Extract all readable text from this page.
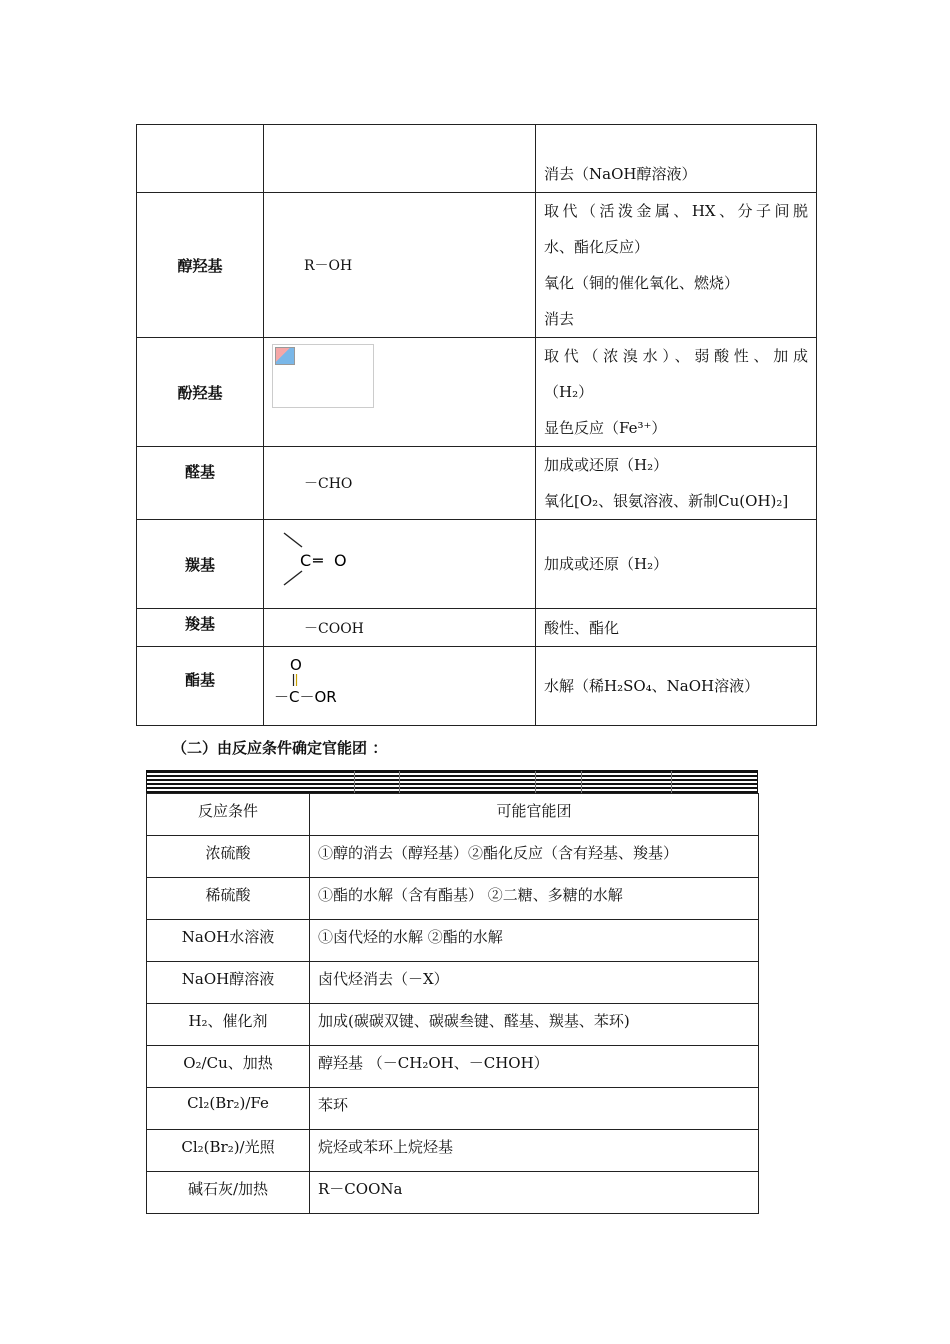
		消去（NaOH醇溶液）

醇羟基	R－OH	取代（活泼金属、HX、分子间脱

水、酯化反应）

氧化（铜的催化氧化、燃烧）

消去

酚羟基		取代（浓溴水）、弱酸性、加成

（H₂）

显色反应（Fe³⁺）

醛基	－CHO	加成或还原（H₂）

氧化[O₂、银氨溶液、新制Cu(OH)₂]

羰基	C ═ O	加成或还原（H₂）

羧基	－COOH	酸性、酯化

酯基	O
－C－OR	水解（稀H₂SO₄、NaOH溶液）

（二）由反应条件确定官能团 ：

反应条件	可能官能团
浓硫酸	①醇的消去（醇羟基）②酯化反应（含有羟基、羧基）
稀硫酸	①酯的水解（含有酯基） ②二糖、多糖的水解
NaOH水溶液	①卤代烃的水解 ②酯的水解
NaOH醇溶液	卤代烃消去（－X）
H₂、催化剂	加成(碳碳双键、碳碳叁键、醛基、羰基、苯环)
O₂/Cu、加热	醇羟基 （－CH₂OH、－CHOH）
Cl₂(Br₂)/Fe	苯环
Cl₂(Br₂)/光照	烷烃或苯环上烷烃基
碱石灰/加热	R－COONa
